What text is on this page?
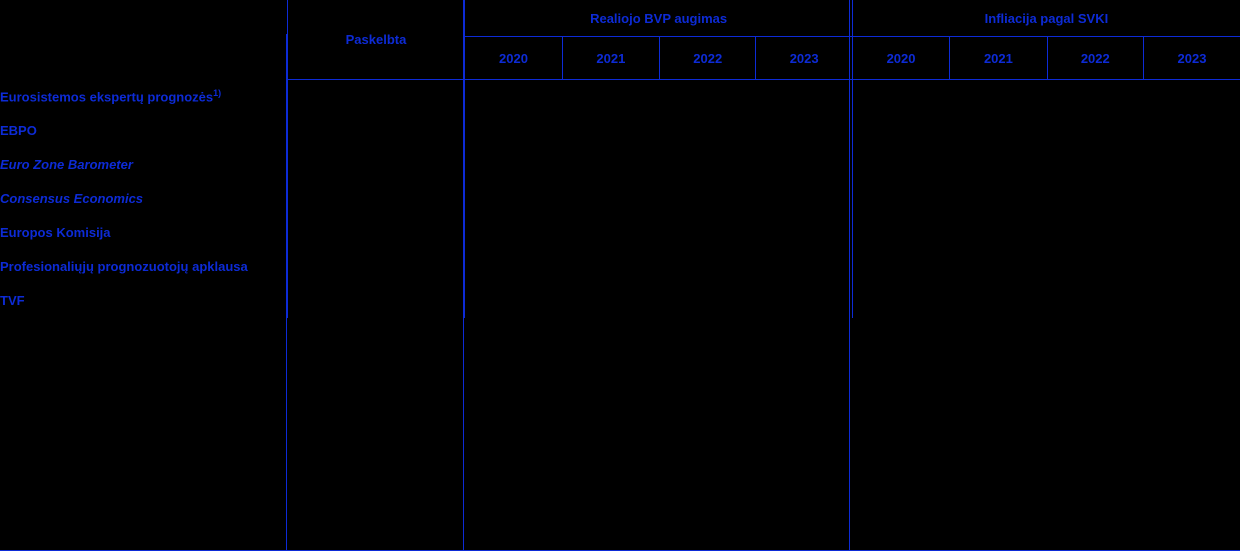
	Paskelbta	Realiojo BVP augimas				Infliacija pagal SVKI			
		2020	2021	2022	2023	2020	2021	2022	2023
Eurosistemos ekspertų prognozės$^{1)}$									
EBPO									
Euro Zone Barometer									
Consensus Economics									
Europos Komisija									
Profesionaliųjų prognozuotojų apklausa									
TVF									
